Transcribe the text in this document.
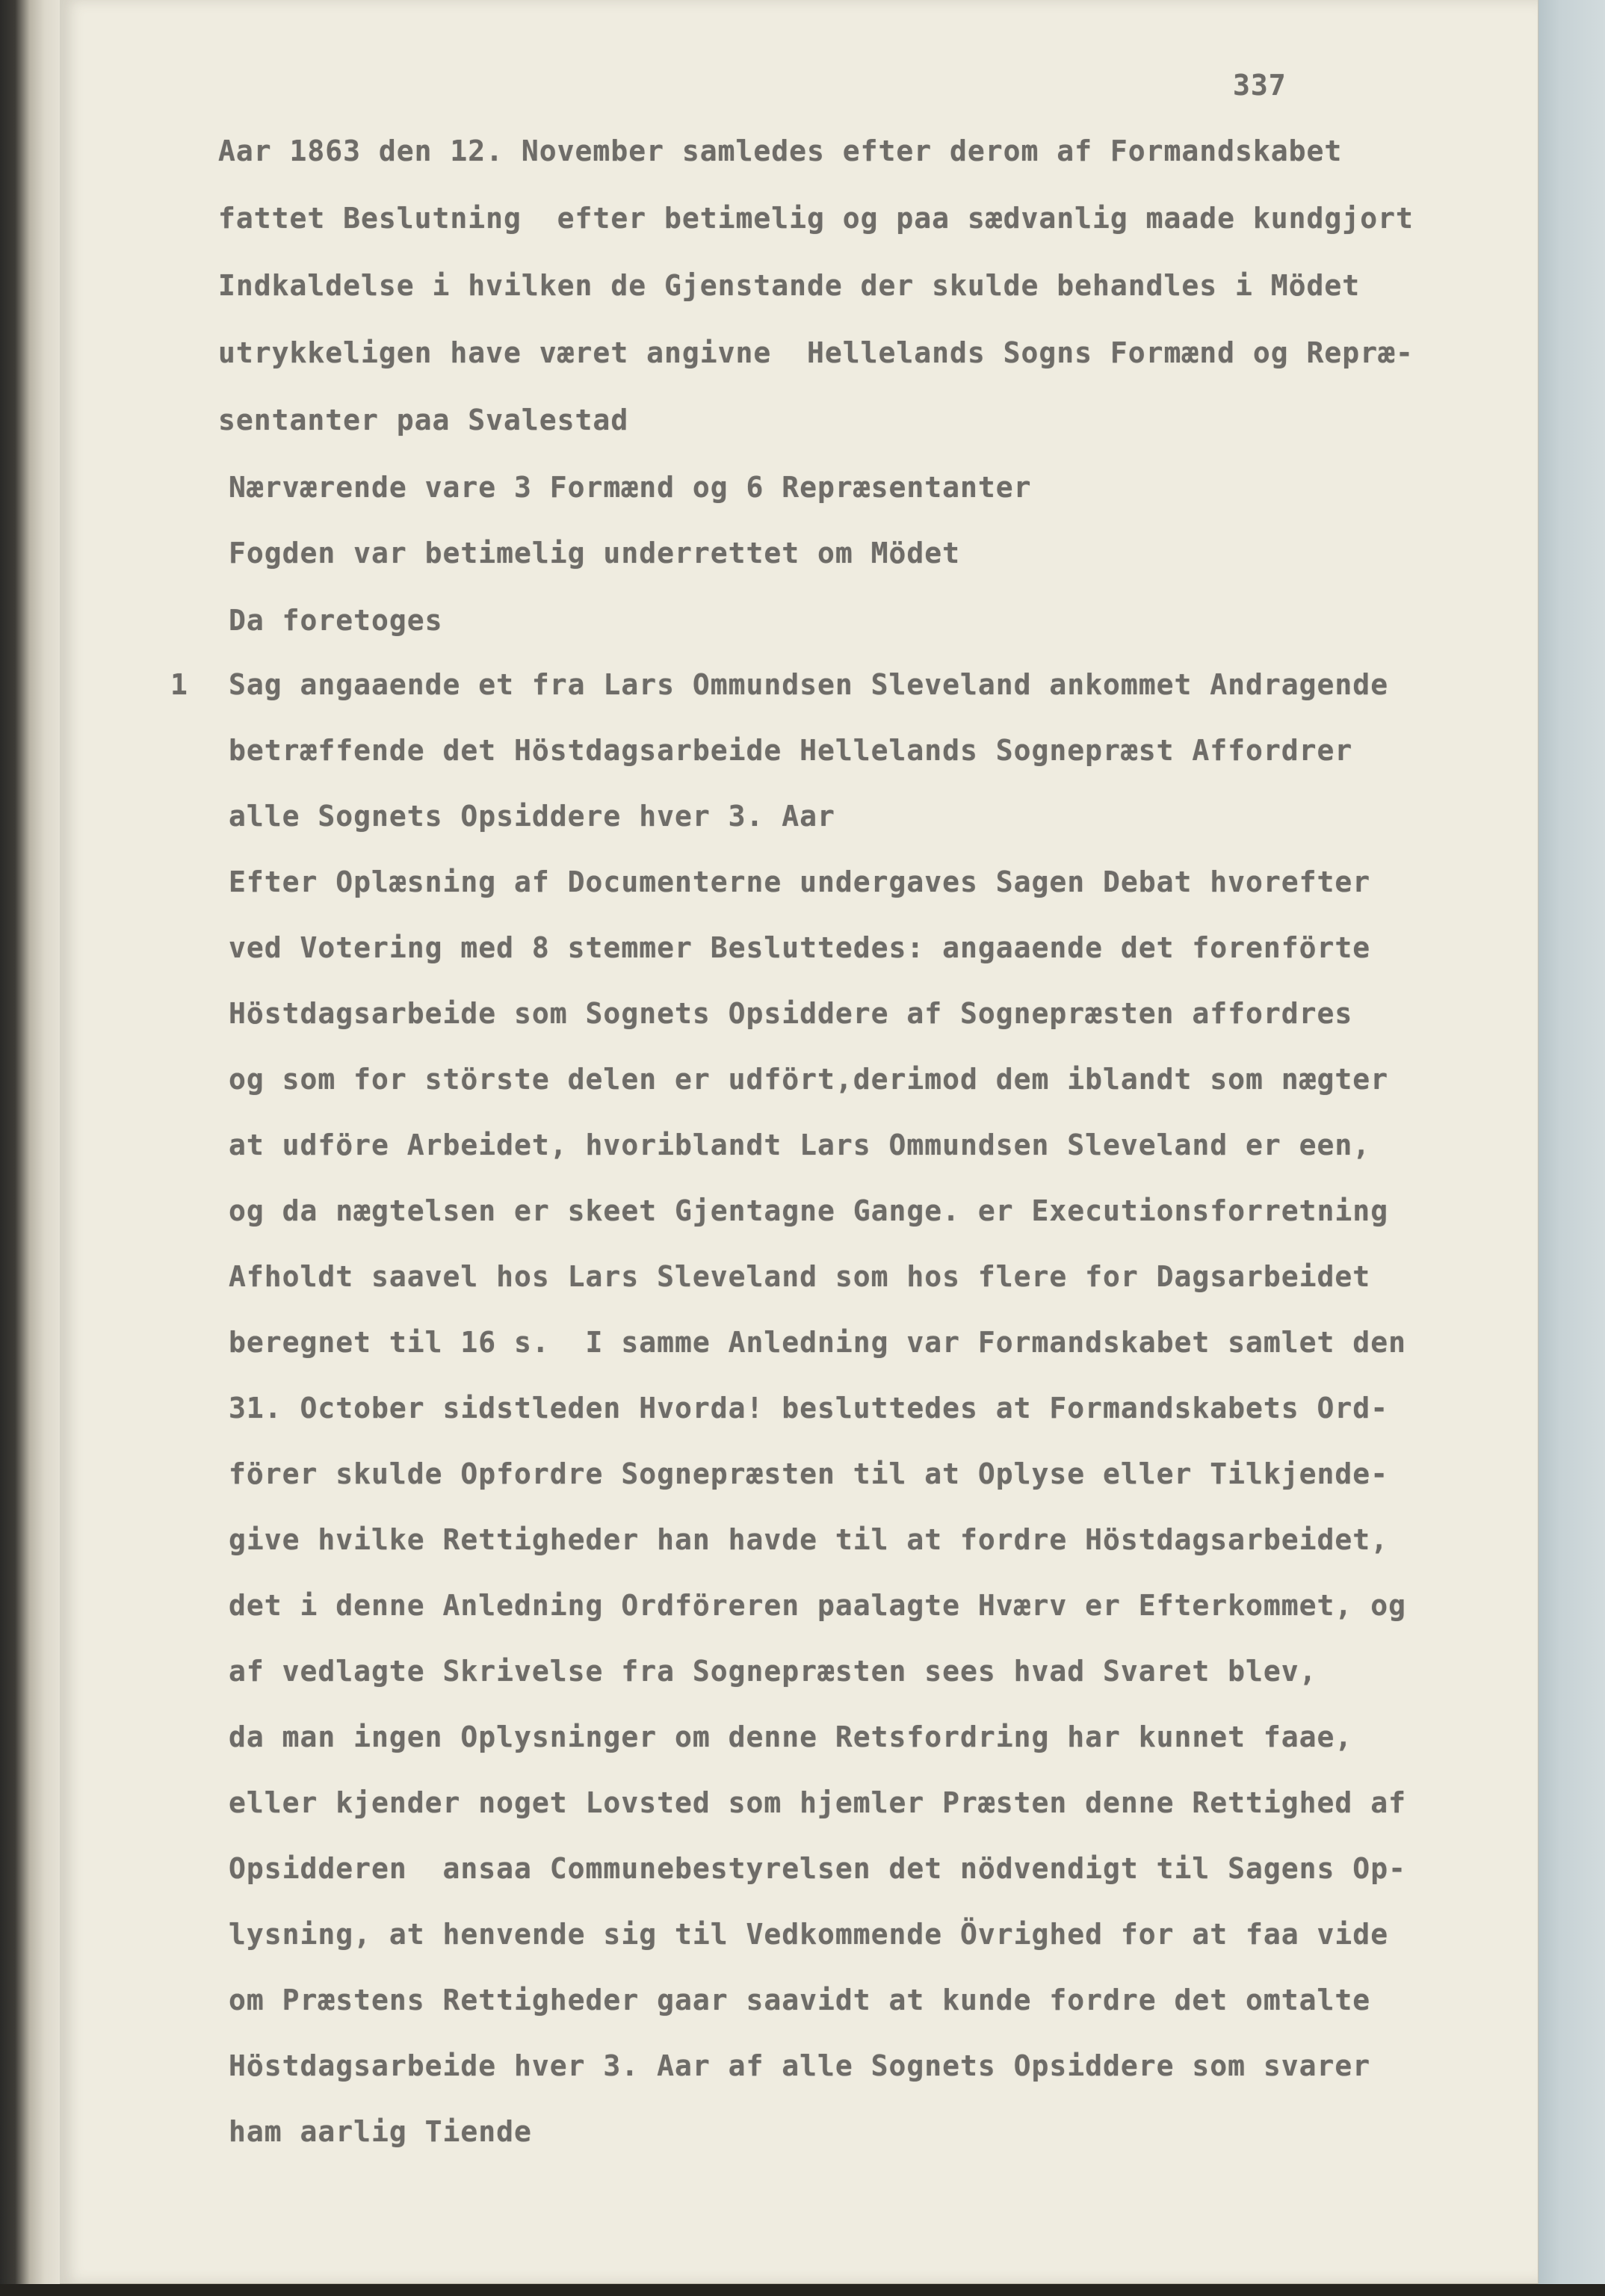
337
Aar 1863 den 12. November samledes efter derom af Formandskabet
fattet Beslutning  efter betimelig og paa sædvanlig maade kundgjort
Indkaldelse i hvilken de Gjenstande der skulde behandles i Mödet
utrykkeligen have været angivne  Hellelands Sogns Formænd og Repræ-
sentanter paa Svalestad
Nærværende vare 3 Formænd og 6 Repræsentanter
Fogden var betimelig underrettet om Mödet
Da foretoges
1 Sag angaaende et fra Lars Ommundsen Sleveland ankommet Andragende
betræffende det Höstdagsarbeide Hellelands Sognepræst Affordrer
alle Sognets Opsiddere hver 3. Aar
Efter Oplæsning af Documenterne undergaves Sagen Debat hvorefter
ved Votering med 8 stemmer Besluttedes: angaaende det forenförte
Höstdagsarbeide som Sognets Opsiddere af Sognepræsten affordres
og som for störste delen er udfört,derimod dem iblandt som nægter
at udföre Arbeidet, hvoriblandt Lars Ommundsen Sleveland er een,
og da nægtelsen er skeet Gjentagne Gange. er Executionsforretning
Afholdt saavel hos Lars Sleveland som hos flere for Dagsarbeidet
beregnet til 16 s.  I samme Anledning var Formandskabet samlet den
31. October sidstleden Hvorda! besluttedes at Formandskabets Ord-
förer skulde Opfordre Sognepræsten til at Oplyse eller Tilkjende-
give hvilke Rettigheder han havde til at fordre Höstdagsarbeidet,
det i denne Anledning Ordföreren paalagte Hværv er Efterkommet, og
af vedlagte Skrivelse fra Sognepræsten sees hvad Svaret blev,
da man ingen Oplysninger om denne Retsfordring har kunnet faae,
eller kjender noget Lovsted som hjemler Præsten denne Rettighed af
Opsidderen  ansaa Communebestyrelsen det nödvendigt til Sagens Op-
lysning, at henvende sig til Vedkommende Övrighed for at faa vide
om Præstens Rettigheder gaar saavidt at kunde fordre det omtalte
Höstdagsarbeide hver 3. Aar af alle Sognets Opsiddere som svarer
ham aarlig Tiende
